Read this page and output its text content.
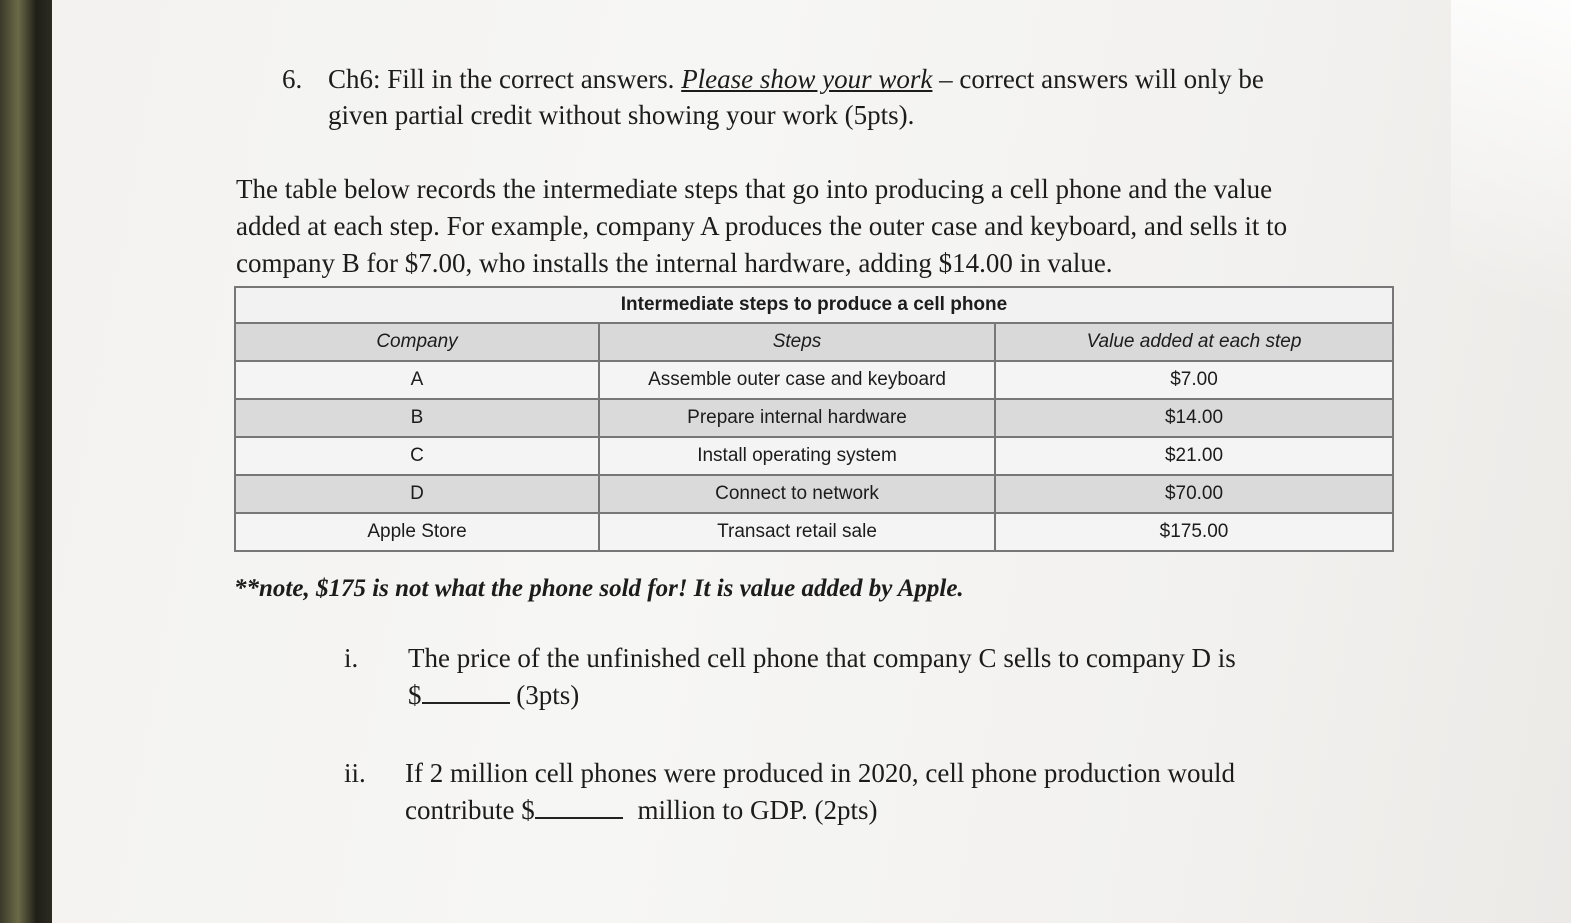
6. Ch6: Fill in the correct answers. Please show your work – correct answers will only be
given partial credit without showing your work (5pts).
The table below records the intermediate steps that go into producing a cell phone and the value
added at each step. For example, company A produces the outer case and keyboard, and sells it to
company B for $7.00, who installs the internal hardware, adding $14.00 in value.
Intermediate steps to produce a cell phone		
Company	Steps	Value added at each step
A	Assemble outer case and keyboard	$7.00
B	Prepare internal hardware	$14.00
C	Install operating system	$21.00
D	Connect to network	$70.00
Apple Store	Transact retail sale	$175.00
**note, $175 is not what the phone sold for! It is value added by Apple.
i. The price of the unfinished cell phone that company C sells to company D is
$	(3pts)
ii. If 2 million cell phones were produced in 2020, cell phone production would
contribute $	million to GDP. (2pts)
